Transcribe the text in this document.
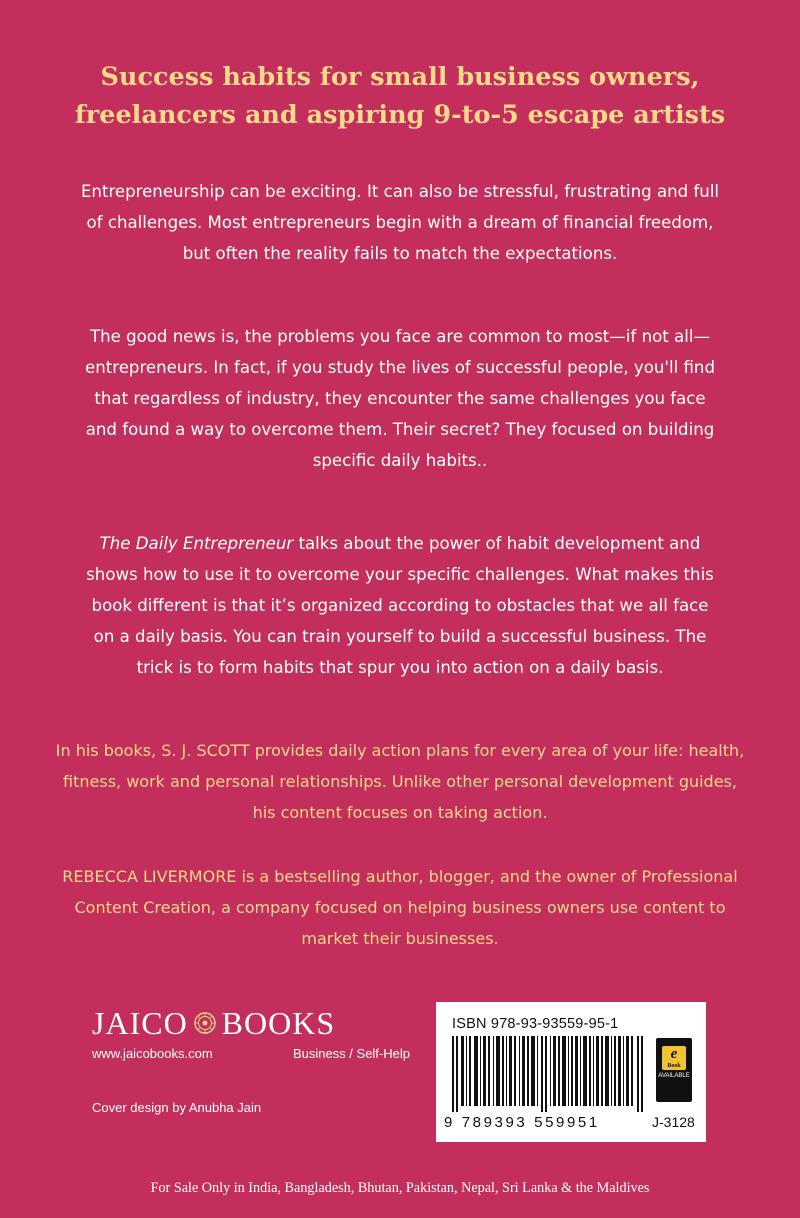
Success habits for small business owners,
freelancers and aspiring 9-to-5 escape artists

Entrepreneurship can be exciting. It can also be stressful, frustrating and full of challenges. Most entrepreneurs begin with a dream of financial freedom, but often the reality fails to match the expectations.

The good news is, the problems you face are common to most—if not all—entrepreneurs. In fact, if you study the lives of successful people, you'll find that regardless of industry, they encounter the same challenges you face and found a way to overcome them. Their secret? They focused on building specific daily habits..

The Daily Entrepreneur talks about the power of habit development and shows how to use it to overcome your specific challenges. What makes this book different is that it’s organized according to obstacles that we all face on a daily basis. You can train yourself to build a successful business. The trick is to form habits that spur you into action on a daily basis.

In his books, S. J. SCOTT provides daily action plans for every area of your life: health, fitness, work and personal relationships. Unlike other personal development guides, his content focuses on taking action.

REBECCA LIVERMORE is a bestselling author, blogger, and the owner of Professional Content Creation, a company focused on helping business owners use content to market their businesses.

JAICO BOOKS
www.jaicobooks.com	Business / Self-Help
Cover design by Anubha Jain
ISBN 978-93-93559-95-1
9 789393 559951
e
Book
AVAILABLE
J-3128
For Sale Only in India, Bangladesh, Bhutan, Pakistan, Nepal, Sri Lanka & the Maldives
